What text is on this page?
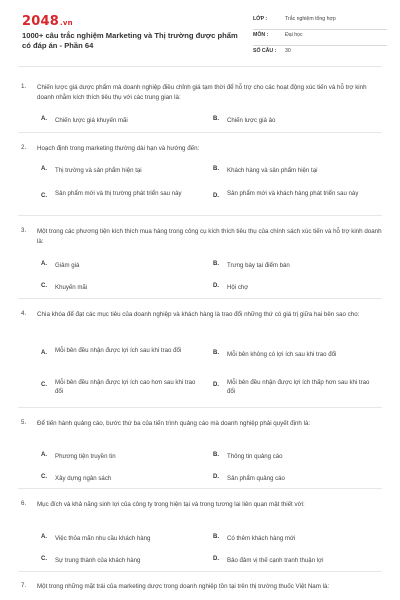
2048.vn
1000+ câu trắc nghiệm Marketing và Thị trường được phẩm có đáp án - Phần 64
LỚP :	Trắc nghiệm tổng hợp
MÔN :	Đại học
SỐ CÂU : 30
1. Chiến lược giá dược phẩm mà doanh nghiệp điều chỉnh giá tạm thời để hỗ trợ cho các hoạt động xúc tiến và hỗ trợ kinh doanh nhằm kích thích tiêu thụ với các trung gian là:
A. Chiến lược giá khuyến mãi	B. Chiến lược giá ảo
2. Hoạch định trong marketing thường dài hạn và hướng đến:
A. Thị trường và sản phẩm hiện tại	B. Khách hàng và sản phẩm hiện tại
C. Sản phẩm mới và thị trường phát triển sau này	D. Sản phẩm mới và khách hàng phát triển sau này
3. Một trong các phương tiện kích thích mua hàng trong công cụ kích thích tiêu thụ của chính sách xúc tiến và hỗ trợ kinh doanh là:
A. Giảm giá	B. Trưng bày tại điểm bán
C. Khuyến mãi	D. Hội chợ
4. Chìa khóa để đạt các mục tiêu của doanh nghiệp và khách hàng là trao đổi những thứ có giá trị giữa hai bên sao cho:
A. Mỗi bên đều nhận được lợi ích sau khi trao đổi	B. Mỗi bên không có lợi ích sau khi trao đổi
C. Mỗi bên đều nhận được lợi ích cao hơn sau khi trao đổi
D. Mỗi bên đều nhận được lợi ích thấp hơn sau khi trao đổi
5. Để tiến hành quảng cáo, bước thứ ba của tiến trình quảng cáo mà doanh nghiệp phải quyết định là:
A. Phương tiện truyền tin	B. Thông tin quảng cáo
C. Xây dựng ngân sách	D. Sản phẩm quảng cáo
6. Mục đích và khả năng sinh lợi của công ty trong hiện tại và trong tương lai liên quan mật thiết với:
A. Việc thỏa mãn nhu cầu khách hàng	B. Có thêm khách hàng mới
C. Sự trung thành của khách hàng	D. Bảo đảm vị thế cạnh tranh thuận lợi
7. Một trong những mặt trái của marketing dược trong doanh nghiệp tồn tại trên thị trường thuốc Việt Nam là:
